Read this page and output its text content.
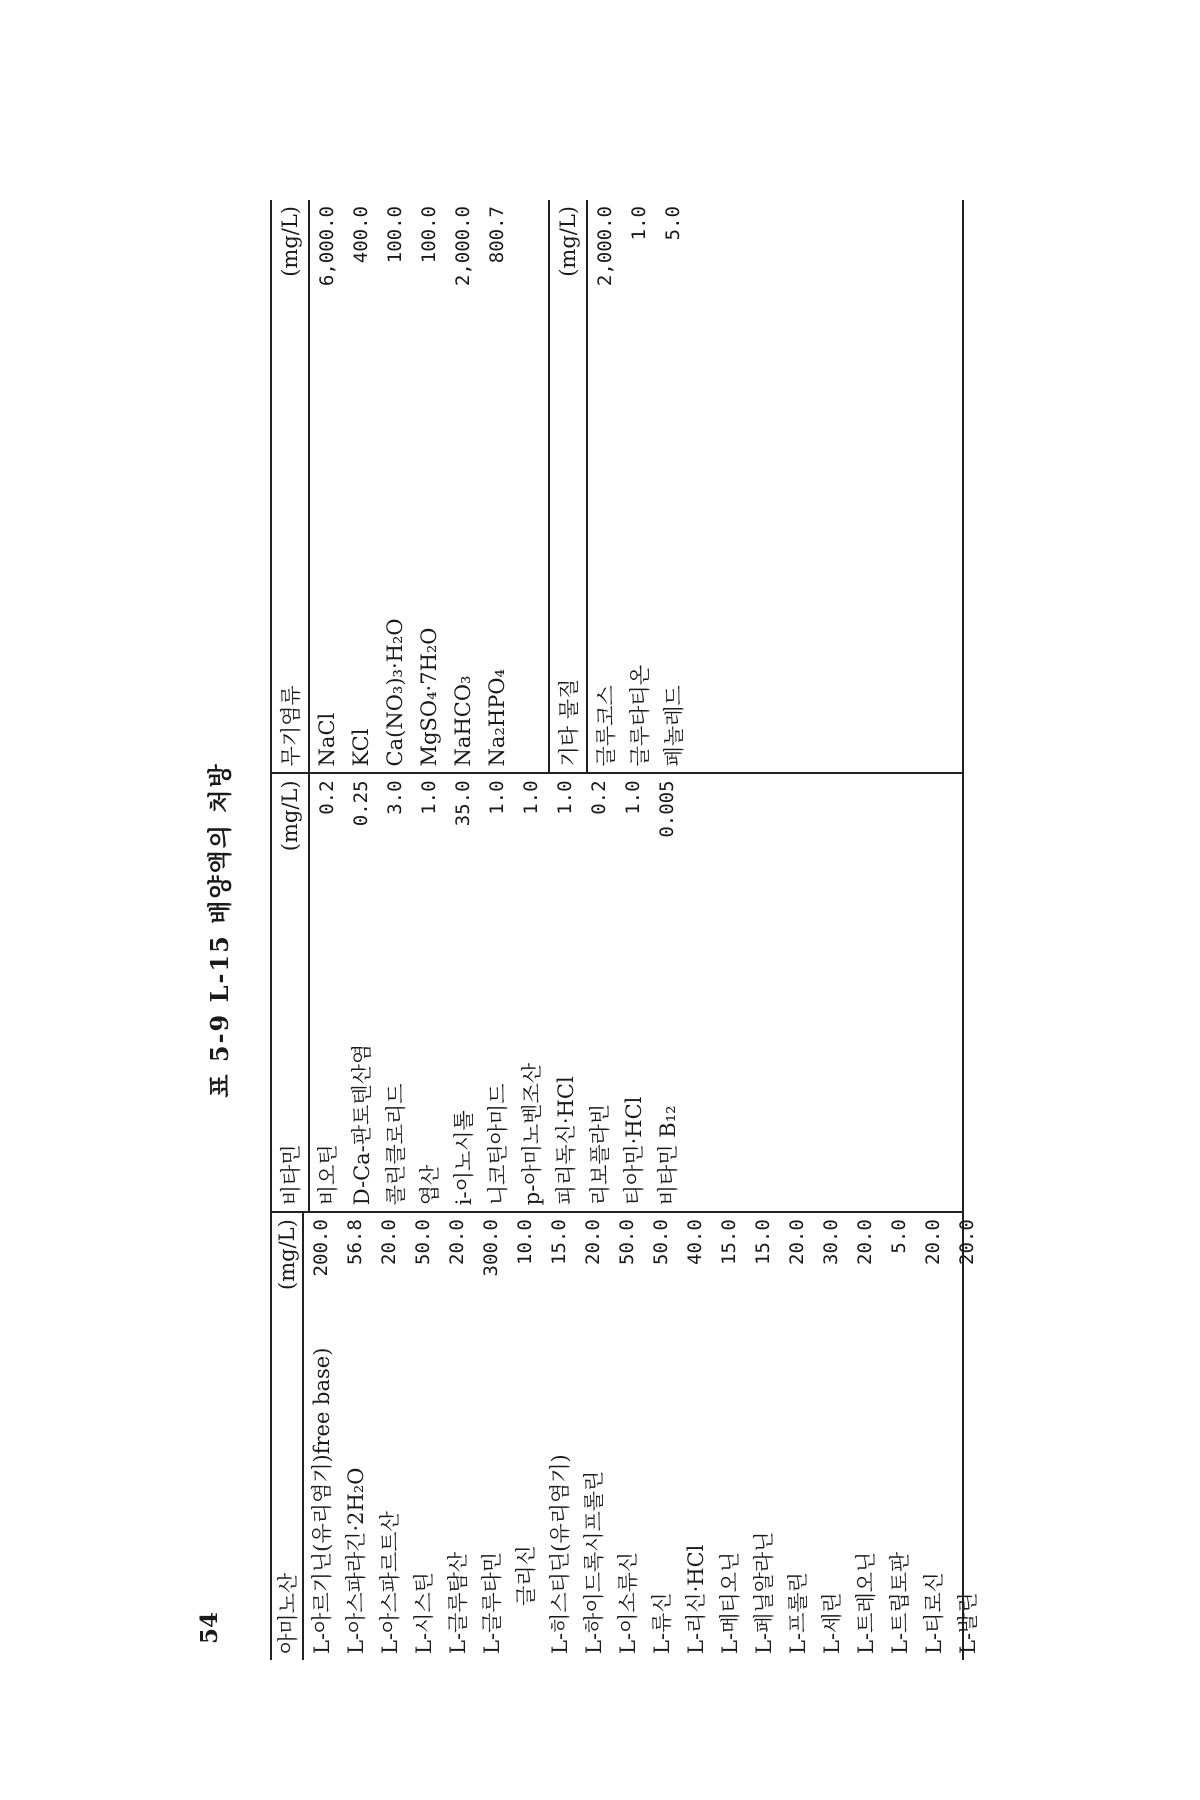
54
표 5-9 L-15 배양액의 처방
아미노산
(mg/L)
L-아르기닌(유리염기)free base)
200.0
L-아스파라긴·2H₂O
56.8
L-아스파르트산
20.0
L-시스틴
50.0
L-글루탐산
20.0
L-글루타민
300.0
글리신
10.0
L-히스티딘(유리염기)
15.0
L-하이드록시프롤린
20.0
L-이소류신
50.0
L-류신
50.0
L-리신·HCl
40.0
L-메티오닌
15.0
L-페닐알라닌
15.0
L-프롤린
20.0
L-세린
30.0
L-트레오닌
20.0
L-트립토판
5.0
L-티로신
20.0
L-발린
20.0
비타민
(mg/L)
비오틴
0.2
D-Ca-판토텐산염
0.25
콜린클로리드
3.0
엽산
1.0
i-이노시톨
35.0
니코틴아미드
1.0
p-아미노벤조산
1.0
피리독신·HCl
1.0
리보플라빈
0.2
티아민·HCl
1.0
비타민 B₁₂
0.005
무기염류
(mg/L)
NaCl
6,000.0
KCl
400.0
Ca(NO₃)₃·H₂O
100.0
MgSO₄·7H₂O
100.0
NaHCO₃
2,000.0
Na₂HPO₄
800.7
기타 물질
(mg/L)
글루코스
2,000.0
글루타티온
1.0
페놀레드
5.0
